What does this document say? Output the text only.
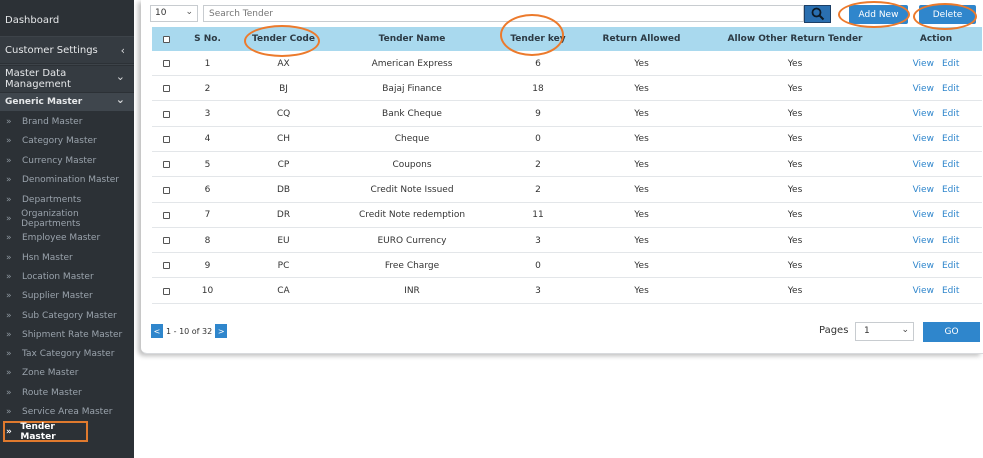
Dashboard
Customer Settings ‹
Master Data Management
⌄
Generic Master	⌄
»	Brand Master
»	Category Master
»	Currency Master
»	Denomination Master
»	Departments
»	Organization Departments
»	Employee Master
»	Hsn Master
»	Location Master
»	Supplier Master
»	Sub Category Master
»	Shipment Rate Master
»	Tax Category Master
»	Zone Master
»	Route Master
»	Service Area Master
» Tender Master
10 ⌄
Search Tender	Add New	Delete
S No.	Tender Code	Tender Name	Tender key	Return Allowed	Allow Other Return Tender	Action
1	AX	American Express	6	Yes	Yes	View Edit
2	BJ	Bajaj Finance	18	Yes	Yes	View Edit
3	CQ	Bank Cheque	9	Yes	Yes	View Edit
4	CH	Cheque	0	Yes	Yes	View Edit
5	CP	Coupons	2	Yes	Yes	View Edit
6	DB	Credit Note Issued	2	Yes	Yes	View Edit
7	DR	Credit Note redemption	11	Yes	Yes	View Edit
8	EU	EURO Currency	3	Yes	Yes	View Edit
9	PC	Free Charge	0	Yes	Yes	View Edit
10	CA	INR	3	Yes	Yes	View Edit
< 1 - 10 of 32 >	Pages	1	⌄	GO
